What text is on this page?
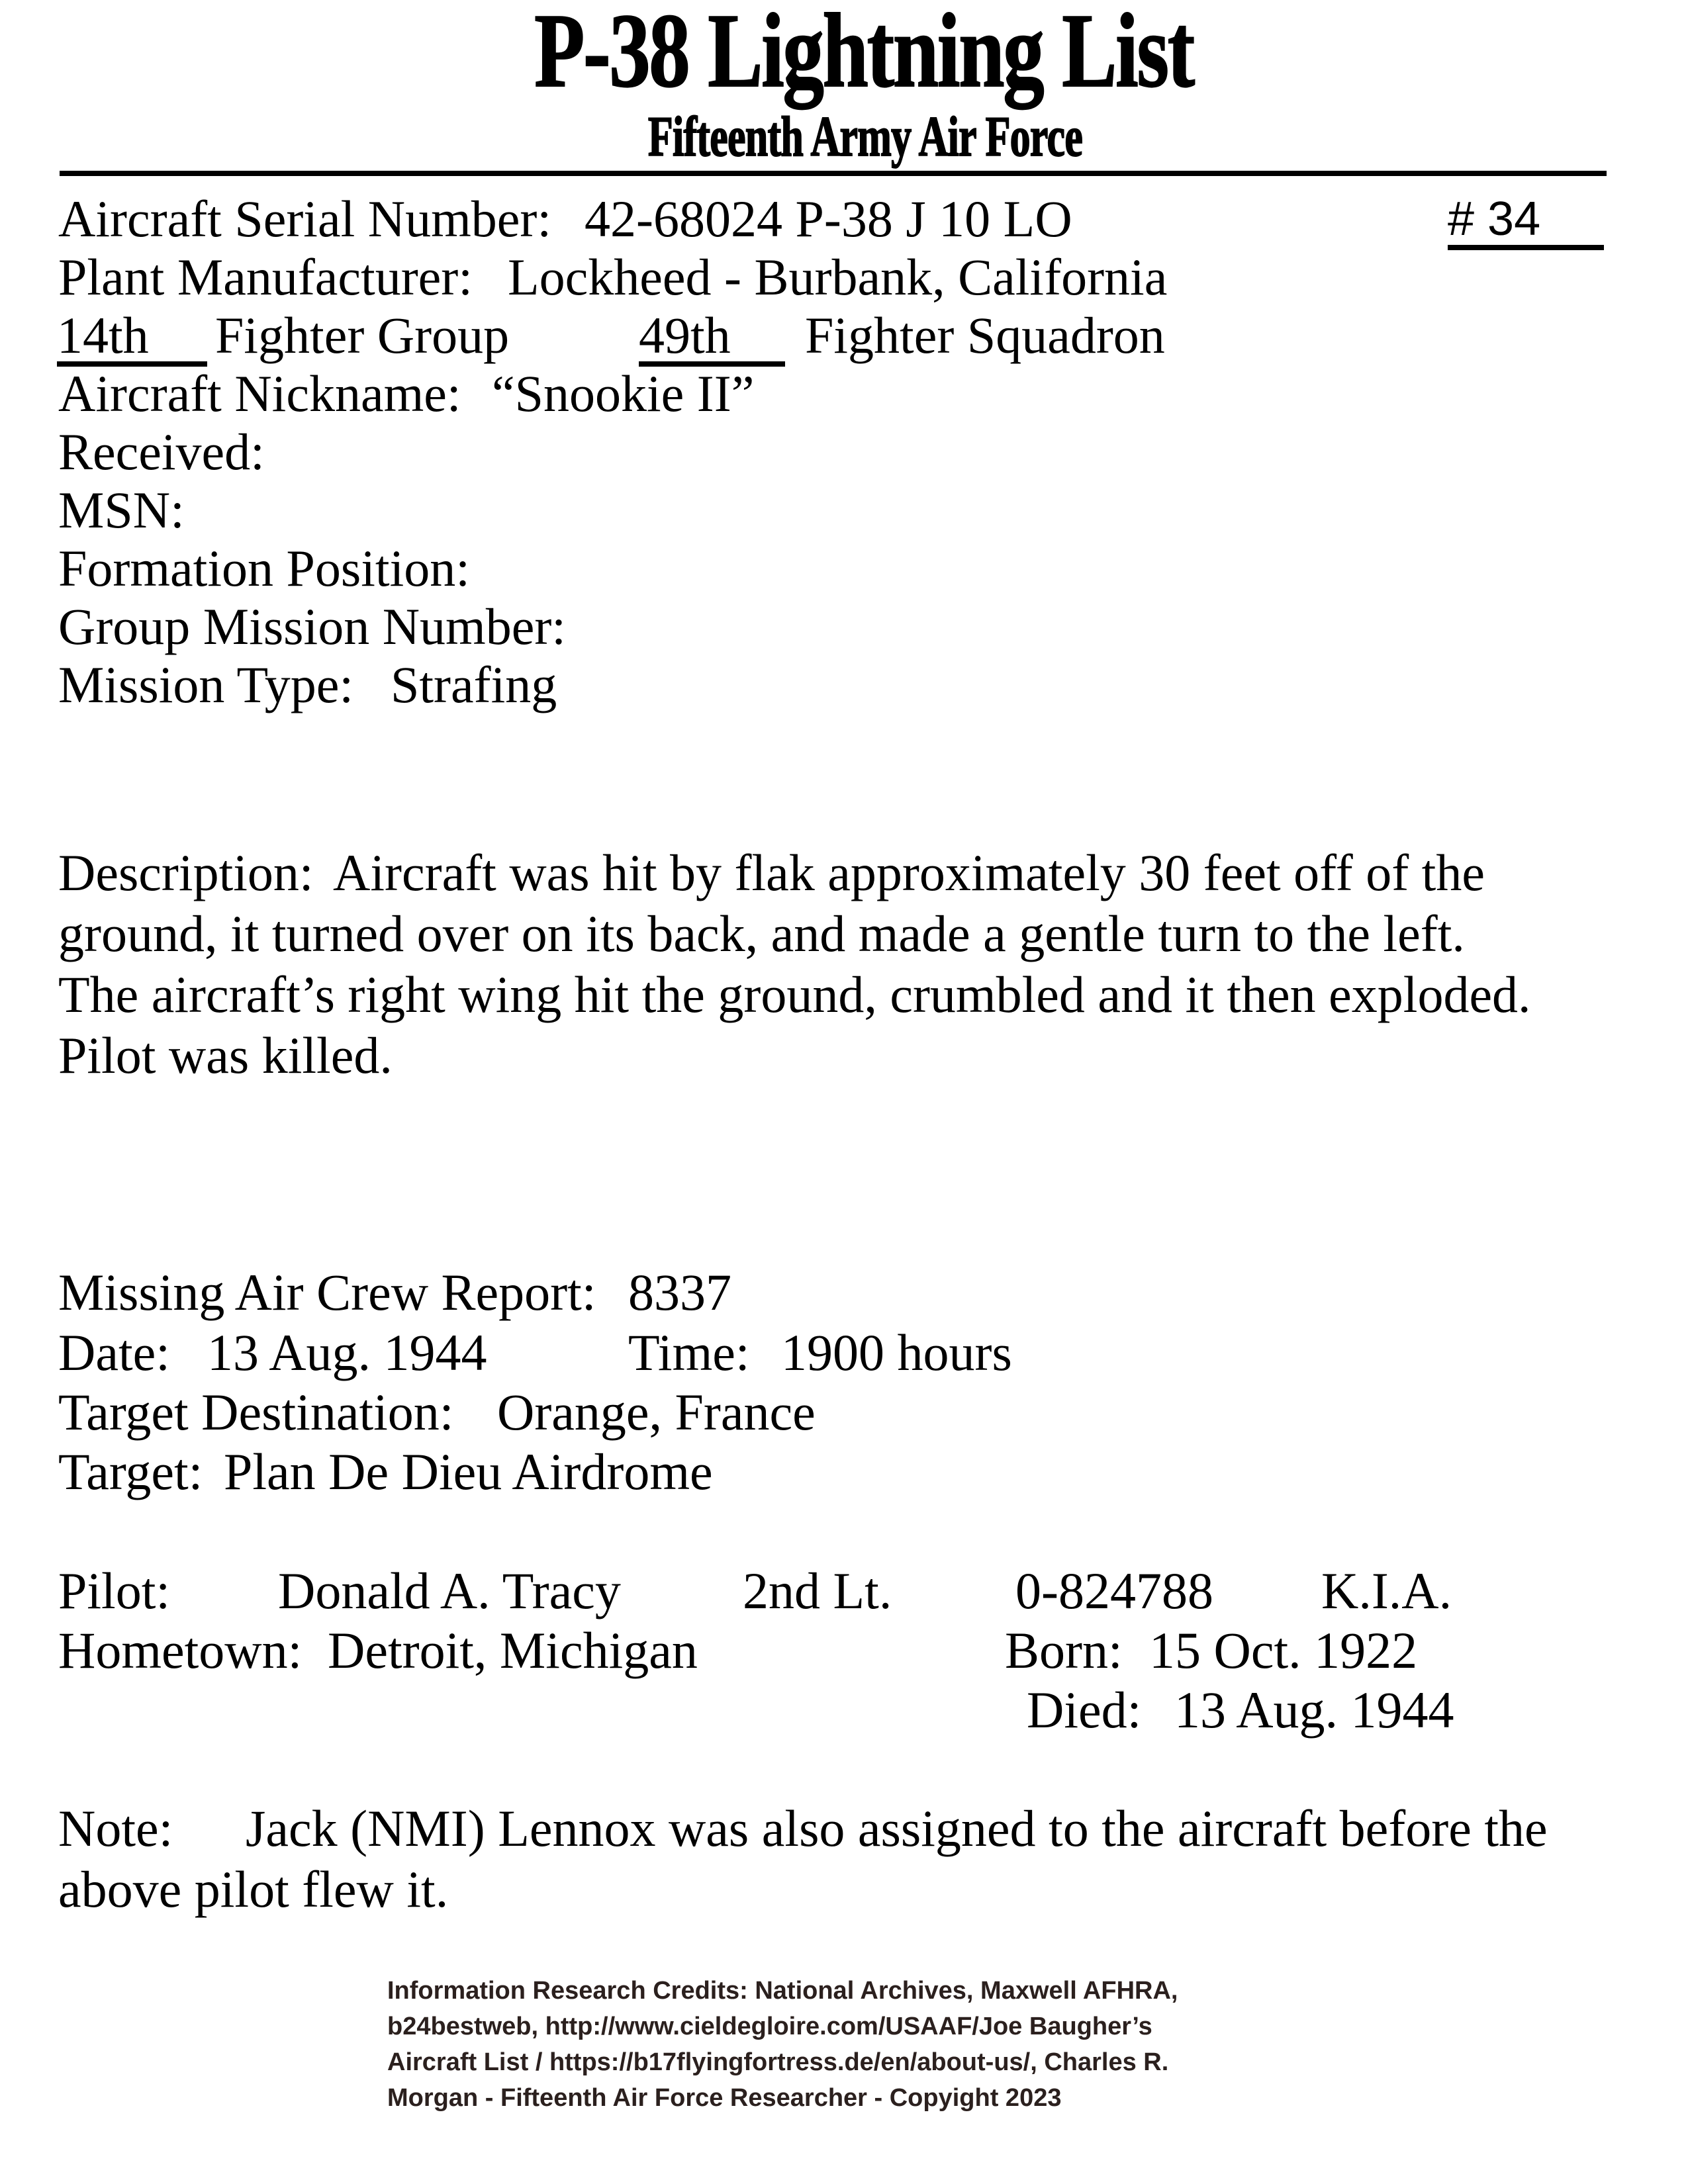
P-38 Lightning List
Fifteenth Army Air Force
Aircraft Serial Number: 42-68024 P-38 J 10 LO	# 34
Plant Manufacturer: Lockheed - Burbank, California
14th	Fighter Group	49th	Fighter Squadron
Aircraft Nickname: “Snookie II”
Received:
MSN:
Formation Position:
Group Mission Number:
Mission Type: Strafing
Description: Aircraft was hit by flak approximately 30 feet off of the
ground, it turned over on its back, and made a gentle turn to the left.
The aircraft’s right wing hit the ground, crumbled and it then exploded.
Pilot was killed.
Missing Air Crew Report: 8337
Date: 13 Aug. 1944	Time: 1900 hours
Target Destination: Orange, France
Target: Plan De Dieu Airdrome
Pilot: Donald A. Tracy 2nd Lt. 0-824788 K.I.A.
Hometown: Detroit, Michigan	Born: 15 Oct. 1922
Died: 13 Aug. 1944
Note: Jack (NMI) Lennox was also assigned to the aircraft before the
above pilot flew it.
Information Research Credits: National Archives, Maxwell AFHRA,
b24bestweb, http://www.cieldegloire.com/USAAF/Joe Baugher’s
Aircraft List / https://b17flyingfortress.de/en/about-us/, Charles R.
Morgan - Fifteenth Air Force Researcher - Copyight 2023
